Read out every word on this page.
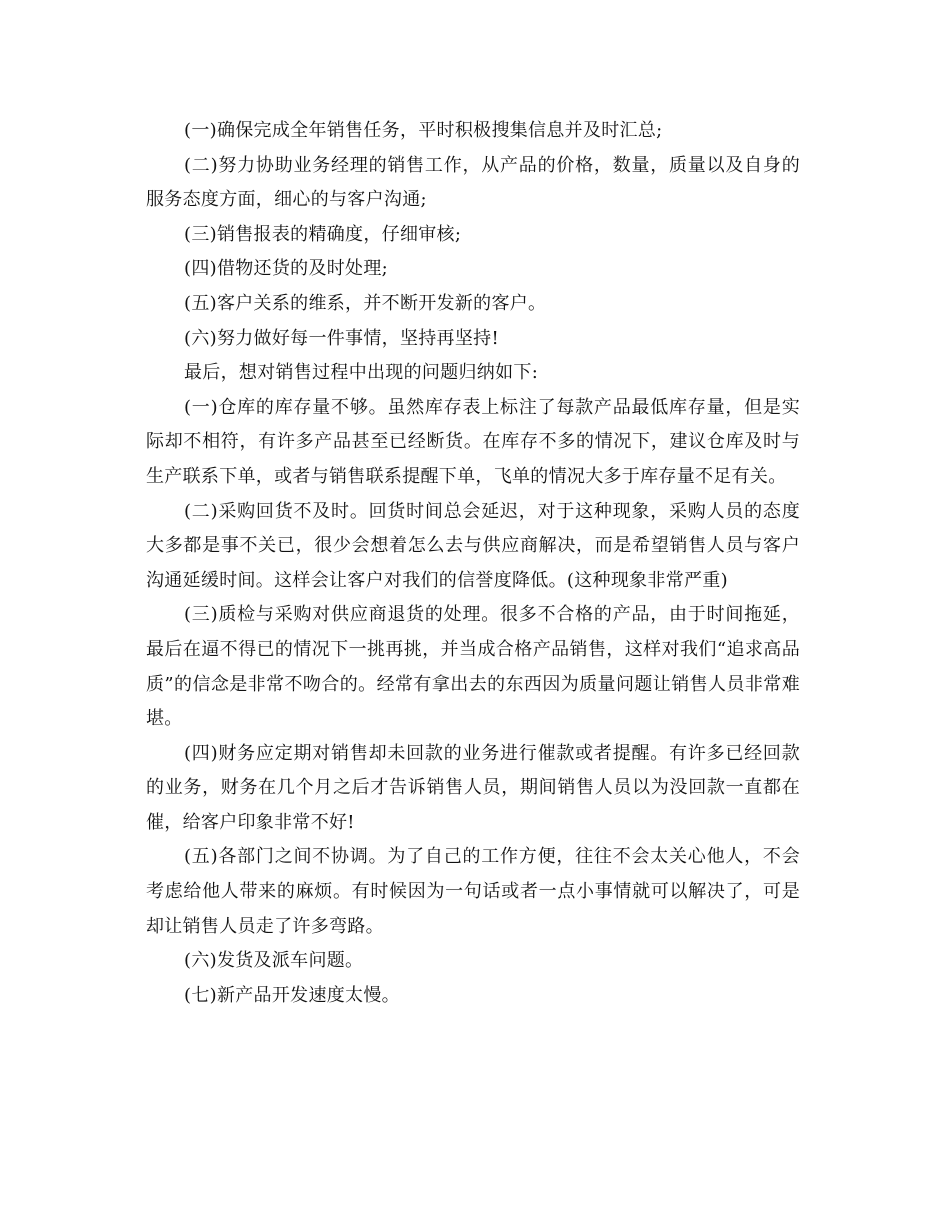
(一)确保完成全年销售任务，平时积极搜集信息并及时汇总;

(二)努力协助业务经理的销售工作，从产品的价格，数量，质量以及自身的服务态度方面，细心的与客户沟通;

(三)销售报表的精确度，仔细审核;

(四)借物还货的及时处理;

(五)客户关系的维系，并不断开发新的客户。

(六)努力做好每一件事情，坚持再坚持!

最后，想对销售过程中出现的问题归纳如下:

(一)仓库的库存量不够。虽然库存表上标注了每款产品最低库存量，但是实际却不相符，有许多产品甚至已经断货。在库存不多的情况下，建议仓库及时与生产联系下单，或者与销售联系提醒下单，飞单的情况大多于库存量不足有关。

(二)采购回货不及时。回货时间总会延迟，对于这种现象，采购人员的态度大多都是事不关已，很少会想着怎么去与供应商解决，而是希望销售人员与客户沟通延缓时间。这样会让客户对我们的信誉度降低。(这种现象非常严重)

(三)质检与采购对供应商退货的处理。很多不合格的产品，由于时间拖延，最后在逼不得已的情况下一挑再挑，并当成合格产品销售，这样对我们“追求高品质”的信念是非常不吻合的。经常有拿出去的东西因为质量问题让销售人员非常难堪。

(四)财务应定期对销售却未回款的业务进行催款或者提醒。有许多已经回款的业务，财务在几个月之后才告诉销售人员，期间销售人员以为没回款一直都在催，给客户印象非常不好!

(五)各部门之间不协调。为了自己的工作方便，往往不会太关心他人，不会考虑给他人带来的麻烦。有时候因为一句话或者一点小事情就可以解决了，可是却让销售人员走了许多弯路。

(六)发货及派车问题。

(七)新产品开发速度太慢。
